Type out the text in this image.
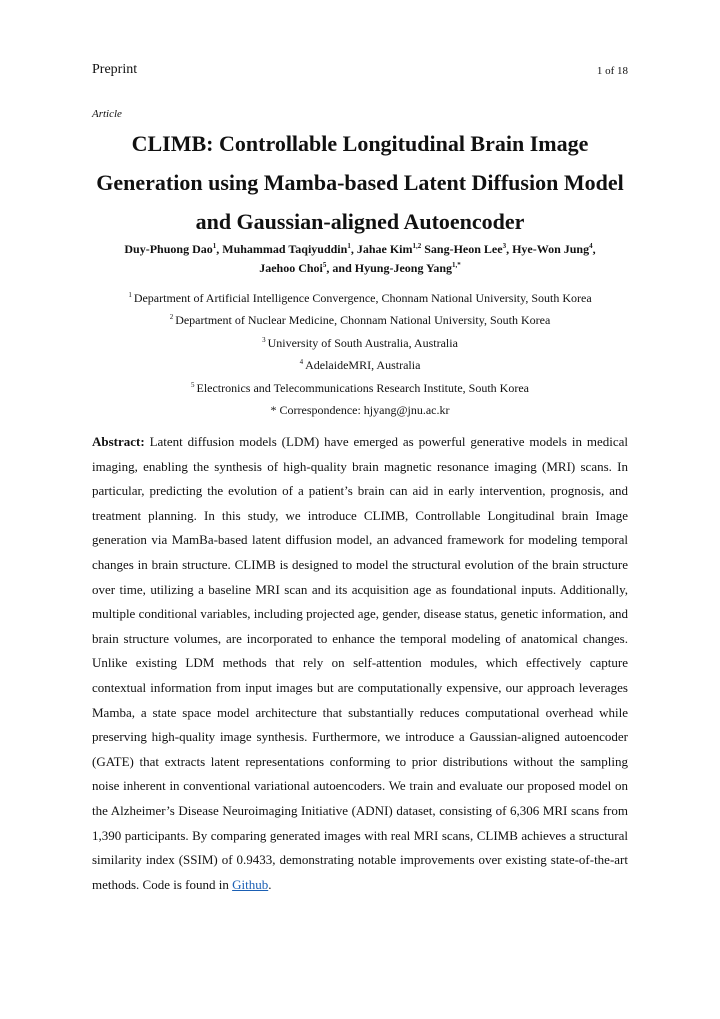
Preprint	1 of 18
Article
CLIMB: Controllable Longitudinal Brain Image Generation using Mamba-based Latent Diffusion Model and Gaussian-aligned Autoencoder
Duy-Phuong Dao$^1$, Muhammad Taqiyuddin$^1$, Jahae Kim$^{1,2}$ Sang-Heon Lee$^3$, Hye-Won Jung$^4$,
Jaehoo Choi$^5$, and Hyung-Jeong Yang$^{1,*}$
$^1$ Department of Artificial Intelligence Convergence, Chonnam National University, South Korea
$^2$ Department of Nuclear Medicine, Chonnam National University, South Korea
$^3$ University of South Australia, Australia
$^4$ AdelaideMRI, Australia
$^5$ Electronics and Telecommunications Research Institute, South Korea
* Correspondence: hjyang@jnu.ac.kr

Abstract: Latent diffusion models (LDM) have emerged as powerful generative models in medical imaging, enabling the synthesis of high-quality brain magnetic resonance imaging (MRI) scans. In particular, predicting the evolution of a patient’s brain can aid in early intervention, prognosis, and treatment planning. In this study, we introduce CLIMB, Controllable Longitudinal brain Image generation via MamBa-based latent diffusion model, an advanced framework for modeling temporal changes in brain structure. CLIMB is designed to model the structural evolution of the brain structure over time, utilizing a baseline MRI scan and its acquisition age as foundational inputs. Additionally, multiple conditional variables, including projected age, gender, disease status, genetic information, and brain structure volumes, are incorporated to enhance the temporal modeling of anatomical changes. Unlike existing LDM methods that rely on self-attention modules, which effectively capture contextual information from input images but are computationally expensive, our approach leverages Mamba, a state space model architecture that substantially reduces computational overhead while preserving high-quality image synthesis. Furthermore, we introduce a Gaussian-aligned autoencoder (GATE) that extracts latent representations conforming to prior distributions without the sampling noise inherent in conventional variational autoencoders. We train and evaluate our proposed model on the Alzheimer’s Disease Neuroimaging Initiative (ADNI) dataset, consisting of 6,306 MRI scans from 1,390 participants. By comparing generated images with real MRI scans, CLIMB achieves a structural similarity index (SSIM) of 0.9433, demonstrating notable improvements over existing state-of-the-art methods. Code is found in Github.
